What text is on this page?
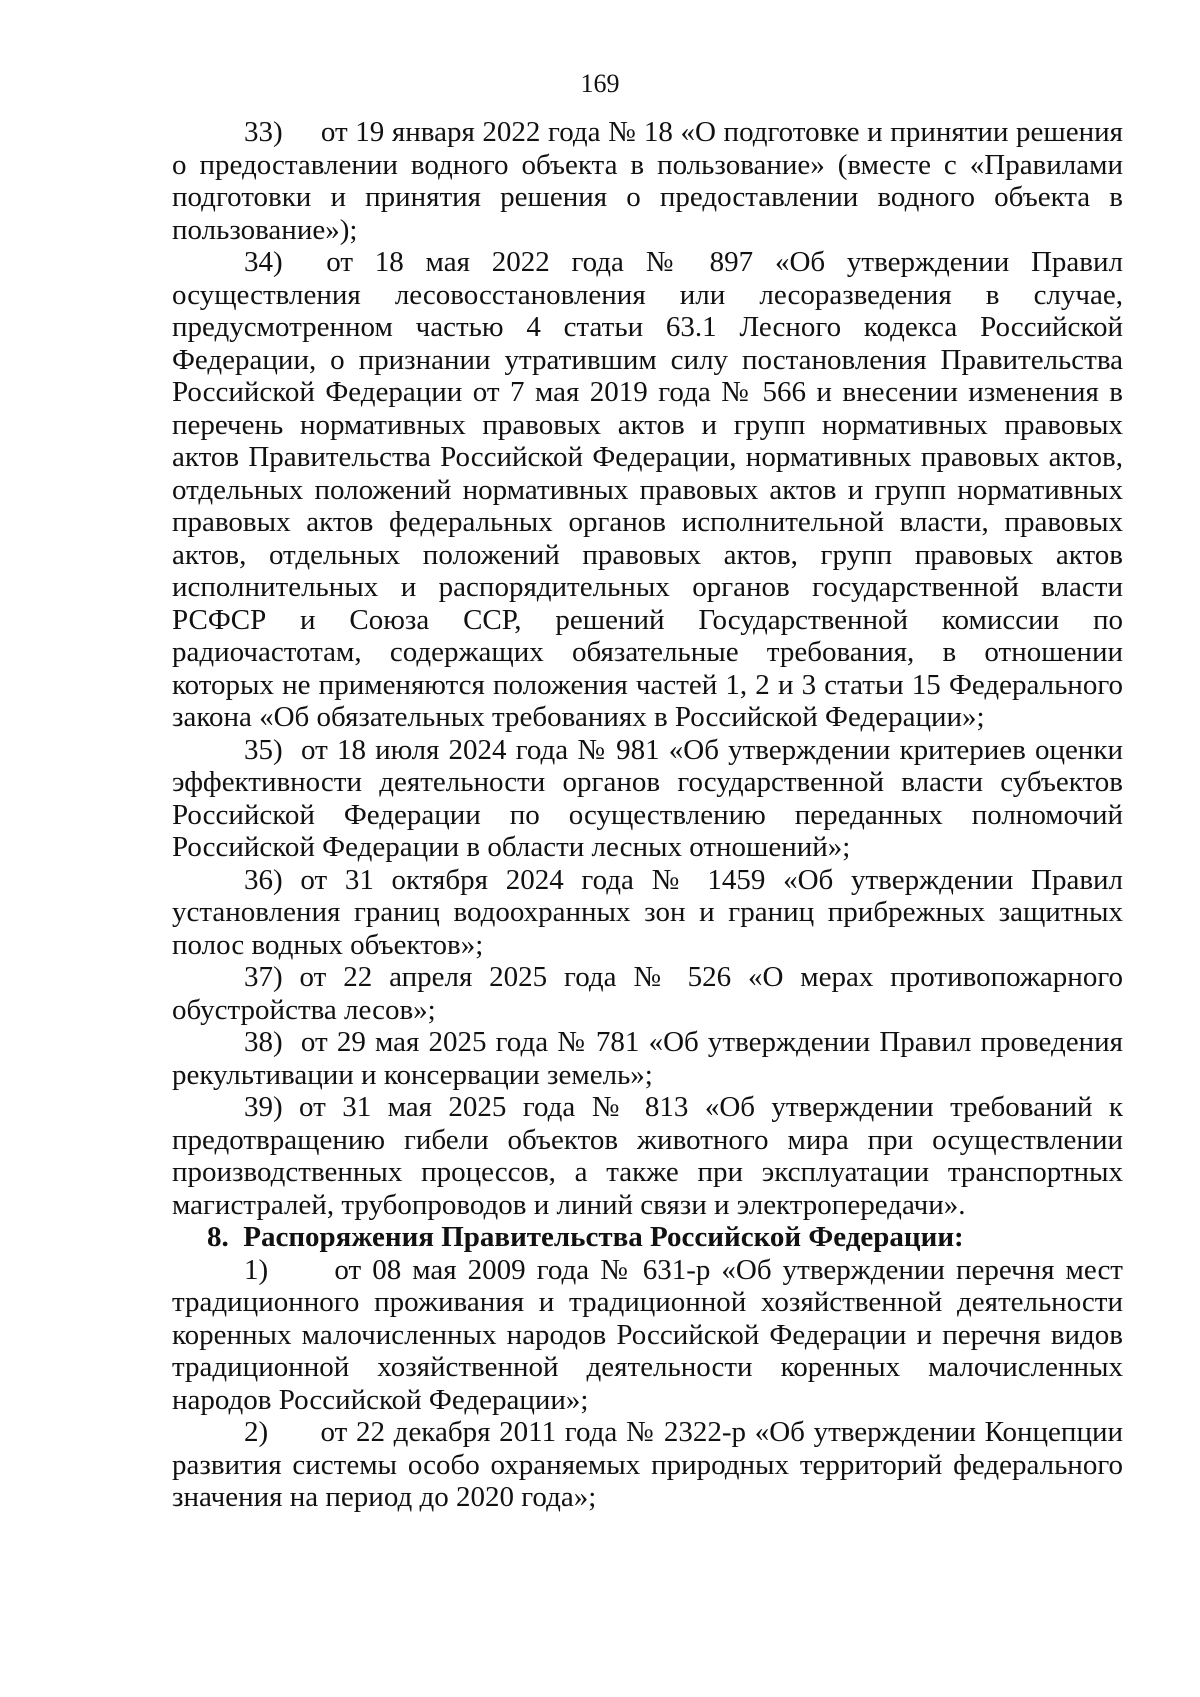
169

33)     от 19 января 2022 года № 18 «О подготовке и принятии решения о предоставлении водного объекта в пользование» (вместе с «Правилами подготовки и принятия решения о предоставлении водного объекта в пользование»);

34)  от 18 мая 2022 года № 897 «Об утверждении Правил осуществления лесовосстановления или лесоразведения в случае, предусмотренном частью 4 статьи 63.1 Лесного кодекса Российской Федерации, о признании утратившим силу постановления Правительства Российской Федерации от 7 мая 2019 года № 566 и внесении изменения в перечень нормативных правовых актов и групп нормативных правовых актов Правительства Российской Федерации, нормативных правовых актов, отдельных положений нормативных правовых актов и групп нормативных правовых актов федеральных органов исполнительной власти, правовых актов, отдельных положений правовых актов, групп правовых актов исполнительных и распорядительных органов государственной власти РСФСР и Союза ССР, решений Государственной комиссии по радиочастотам, содержащих обязательные требования, в отношении которых не применяются положения частей 1, 2 и 3 статьи 15 Федерального закона «Об обязательных требованиях в Российской Федерации»;

35)  от 18 июля 2024 года № 981 «Об утверждении критериев оценки эффективности деятельности органов государственной власти субъектов Российской Федерации по осуществлению переданных полномочий Российской Федерации в области лесных отношений»;

36) от 31 октября 2024 года № 1459 «Об утверждении Правил установления границ водоохранных зон и границ прибрежных защитных полос водных объектов»;

37) от 22 апреля 2025 года № 526 «О мерах противопожарного обустройства лесов»;

38)  от 29 мая 2025 года № 781 «Об утверждении Правил проведения рекультивации и консервации земель»;

39) от 31 мая 2025 года № 813 «Об утверждении требований к предотвращению гибели объектов животного мира при осуществлении производственных процессов, а также при эксплуатации транспортных магистралей, трубопроводов и линий связи и электропередачи».

8.  Распоряжения Правительства Российской Федерации:

1)      от 08 мая 2009 года № 631-р «Об утверждении перечня мест традиционного проживания и традиционной хозяйственной деятельности коренных малочисленных народов Российской Федерации и перечня видов традиционной хозяйственной деятельности коренных малочисленных народов Российской Федерации»;

2)      от 22 декабря 2011 года № 2322-р «Об утверждении Концепции развития системы особо охраняемых природных территорий федерального значения на период до 2020 года»;
